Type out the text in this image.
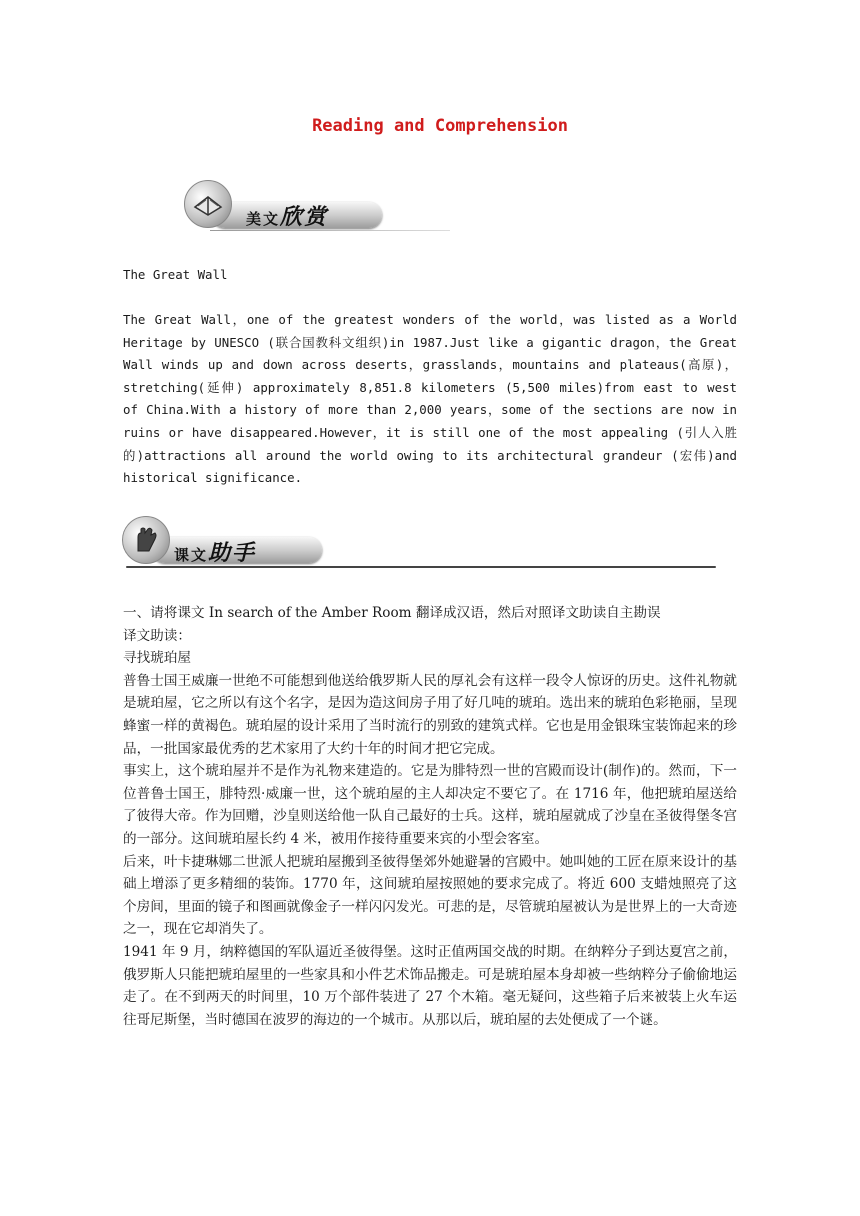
Reading and Comprehension
美文欣赏
The Great Wall
The Great Wall，one of the greatest wonders of the world，was listed as a World Heritage by UNESCO (联合国教科文组织)in 1987.Just like a gigantic dragon，the Great Wall winds up and down across deserts，grasslands，mountains and plateaus(高原)，stretching(延伸) approximately 8,851.8 kilometers (5,500 miles)from east to west of China.With a history of more than 2,000 years，some of the sections are now in ruins or have disappeared.However，it is still one of the most appealing (引人入胜的)attractions all around the world owing to its architectural grandeur (宏伟)and historical significance.
课文助手
一、请将课文 In search of the Amber Room 翻译成汉语，然后对照译文助读自主勘误
译文助读：
寻找琥珀屋
普鲁士国王威廉一世绝不可能想到他送给俄罗斯人民的厚礼会有这样一段令人惊讶的历史。这件礼物就是琥珀屋，它之所以有这个名字，是因为造这间房子用了好几吨的琥珀。选出来的琥珀色彩艳丽，呈现蜂蜜一样的黄褐色。琥珀屋的设计采用了当时流行的别致的建筑式样。它也是用金银珠宝装饰起来的珍品，一批国家最优秀的艺术家用了大约十年的时间才把它完成。
事实上，这个琥珀屋并不是作为礼物来建造的。它是为腓特烈一世的宫殿而设计(制作)的。然而，下一位普鲁士国王，腓特烈·威廉一世，这个琥珀屋的主人却决定不要它了。在 1716 年，他把琥珀屋送给了彼得大帝。作为回赠，沙皇则送给他一队自己最好的士兵。这样，琥珀屋就成了沙皇在圣彼得堡冬宫的一部分。这间琥珀屋长约 4 米，被用作接待重要来宾的小型会客室。
后来，叶卡捷琳娜二世派人把琥珀屋搬到圣彼得堡郊外她避暑的宫殿中。她叫她的工匠在原来设计的基础上增添了更多精细的装饰。1770 年，这间琥珀屋按照她的要求完成了。将近 600 支蜡烛照亮了这个房间，里面的镜子和图画就像金子一样闪闪发光。可悲的是，尽管琥珀屋被认为是世界上的一大奇迹之一，现在它却消失了。
1941 年 9 月，纳粹德国的军队逼近圣彼得堡。这时正值两国交战的时期。在纳粹分子到达夏宫之前，俄罗斯人只能把琥珀屋里的一些家具和小件艺术饰品搬走。可是琥珀屋本身却被一些纳粹分子偷偷地运走了。在不到两天的时间里，10 万个部件装进了 27 个木箱。毫无疑问，这些箱子后来被装上火车运往哥尼斯堡，当时德国在波罗的海边的一个城市。从那以后，琥珀屋的去处便成了一个谜。
